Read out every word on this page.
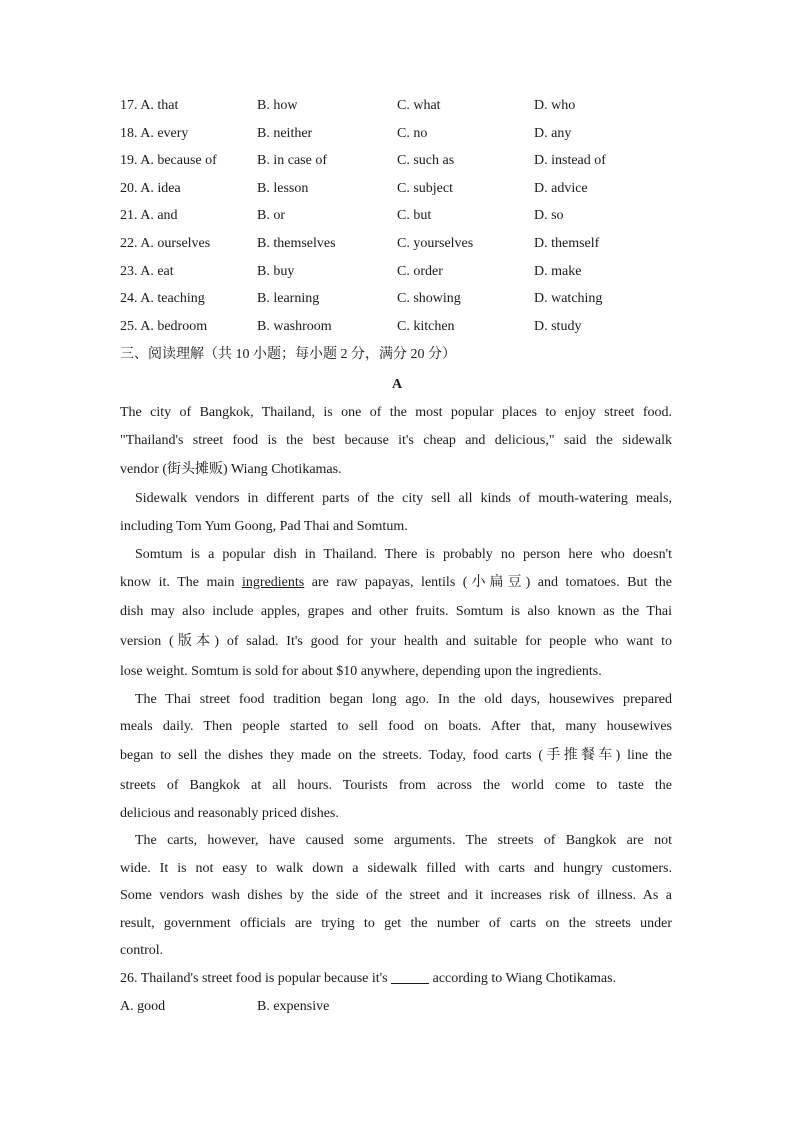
17. A. that	B. how	C. what	D. who
18. A. every	B. neither	C. no	D. any
19. A. because of	B. in case of	C. such as	D. instead of
20. A. idea	B. lesson	C. subject	D. advice
21. A. and	B. or	C. but	D. so
22. A. ourselves	B. themselves	C. yourselves	D. themself
23. A. eat	B. buy	C. order	D. make
24. A. teaching	B. learning	C. showing	D. watching
25. A. bedroom	B. washroom	C. kitchen	D. study
三、阅读理解（共 10 小题；每小题 2 分，满分 20 分）
A
The city of Bangkok, Thailand, is one of the most popular places to enjoy street food.
"Thailand's street food is the best because it's cheap and delicious," said the sidewalk
vendor (街头摊贩) Wiang Chotikamas.
Sidewalk vendors in different parts of the city sell all kinds of mouth-watering meals,
including Tom Yum Goong, Pad Thai and Somtum.
Somtum is a popular dish in Thailand. There is probably no person here who doesn't
know it. The main ingredients are raw papayas, lentils (小扁豆) and tomatoes. But the
dish may also include apples, grapes and other fruits. Somtum is also known as the Thai
version (版本) of salad. It's good for your health and suitable for people who want to
lose weight. Somtum is sold for about $10 anywhere, depending upon the ingredients.
The Thai street food tradition began long ago. In the old days, housewives prepared
meals daily. Then people started to sell food on boats. After that, many housewives
began to sell the dishes they made on the streets. Today, food carts (手推餐车) line the
streets of Bangkok at all hours. Tourists from across the world come to taste the
delicious and reasonably priced dishes.
The carts, however, have caused some arguments. The streets of Bangkok are not
wide. It is not easy to walk down a sidewalk filled with carts and hungry customers.
Some vendors wash dishes by the side of the street and it increases risk of illness. As a
result, government officials are trying to get the number of carts on the streets under
control.
26. Thailand's street food is popular because it's	according to Wiang Chotikamas.
A. good	B. expensive
